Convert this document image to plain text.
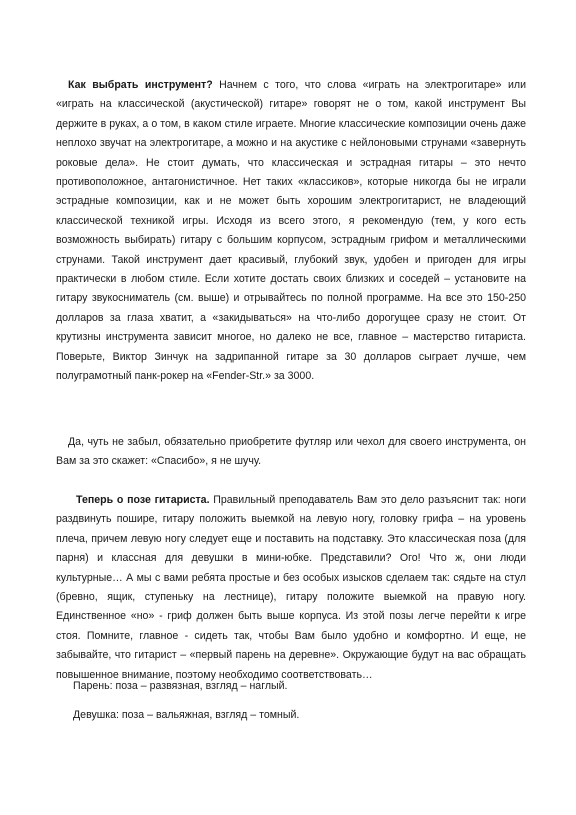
Как выбрать инструмент? Начнем с того, что слова «играть на электрогитаре» или «играть на классической (акустической) гитаре» говорят не о том, какой инструмент Вы держите в руках, а о том, в каком стиле играете. Многие классические композиции очень даже неплохо звучат на электрогитаре, а можно и на акустике с нейлоновыми струнами «завернуть роковые дела». Не стоит думать, что классическая и эстрадная гитары – это нечто противоположное, антагонистичное. Нет таких «классиков», которые никогда бы не играли эстрадные композиции, как и не может быть хорошим электрогитарист, не владеющий классической техникой игры. Исходя из всего этого, я рекомендую (тем, у кого есть возможность выбирать) гитару с большим корпусом, эстрадным грифом и металлическими струнами. Такой инструмент дает красивый, глубокий звук, удобен и пригоден для игры практически в любом стиле. Если хотите достать своих близких и соседей – установите на гитару звукосниматель (см. выше) и отрывайтесь по полной программе. На все это 150-250 долларов за глаза хватит, а «закидываться» на что-либо дорогущее сразу не стоит. От крутизны инструмента зависит многое, но далеко не все, главное – мастерство гитариста. Поверьте, Виктор Зинчук на задрипанной гитаре за 30 долларов сыграет лучше, чем полуграмотный панк-рокер на «Fender-Str.» за 3000.

Да, чуть не забыл, обязательно приобретите футляр или чехол для своего инструмента, он Вам за это скажет: «Спасибо», я не шучу.

Теперь о позе гитариста. Правильный преподаватель Вам это дело разъяснит так: ноги раздвинуть пошире, гитару положить выемкой на левую ногу, головку грифа – на уровень плеча, причем левую ногу следует еще и поставить на подставку. Это классическая поза (для парня) и классная для девушки в мини-юбке. Представили? Ого! Что ж, они люди культурные… А мы с вами ребята простые и без особых изысков сделаем так: сядьте на стул (бревно, ящик, ступеньку на лестнице), гитару положите выемкой на правую ногу. Единственное «но» - гриф должен быть выше корпуса. Из этой позы легче перейти к игре стоя. Помните, главное - сидеть так, чтобы Вам было удобно и комфортно. И еще, не забывайте, что гитарист – «первый парень на деревне». Окружающие будут на вас обращать повышенное внимание, поэтому необходимо соответствовать…

Парень: поза – развязная, взгляд – наглый.

Девушка: поза – вальяжная, взгляд – томный.
